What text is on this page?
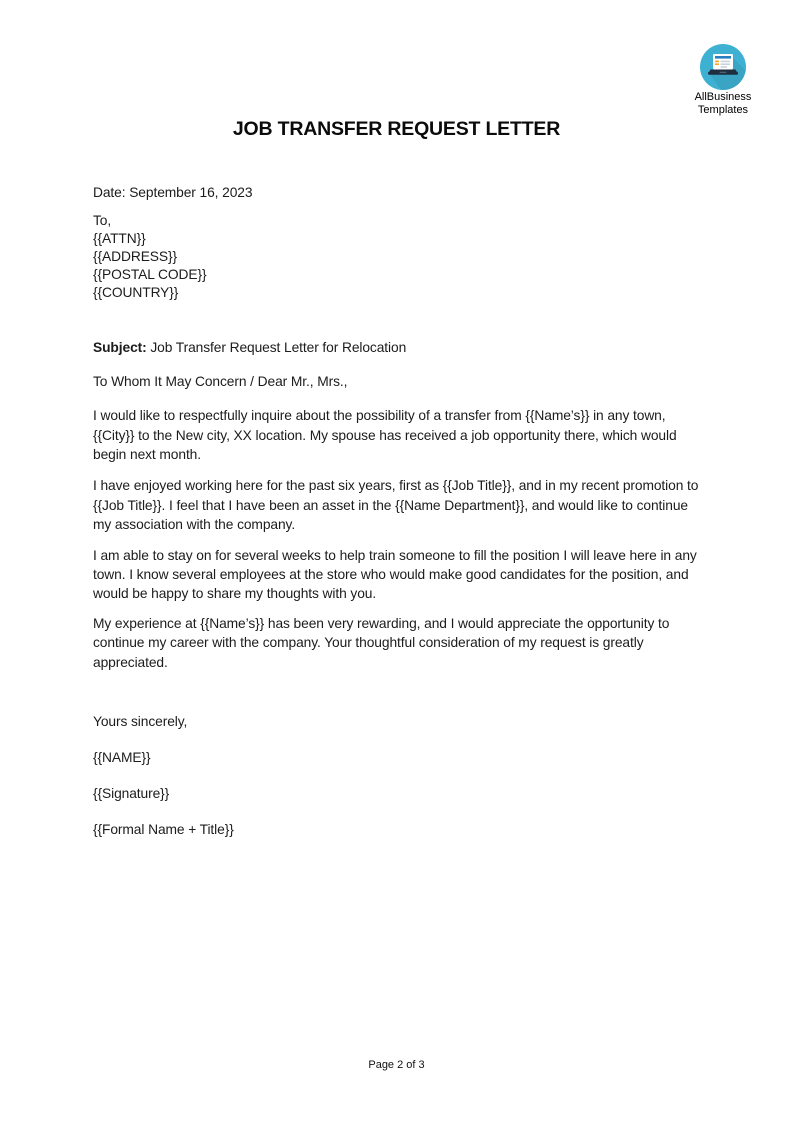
AllBusiness
Templates
JOB TRANSFER REQUEST LETTER
Date: September 16, 2023
To,
{{ATTN}}
{{ADDRESS}}
{{POSTAL CODE}}
{{COUNTRY}}
Subject: Job Transfer Request Letter for Relocation
To Whom It May Concern / Dear Mr., Mrs.,
I would like to respectfully inquire about the possibility of a transfer from {{Name’s}} in any town,
{{City}} to the New city, XX location. My spouse has received a job opportunity there, which would
begin next month.
I have enjoyed working here for the past six years, first as {{Job Title}}, and in my recent promotion to
{{Job Title}}. I feel that I have been an asset in the {{Name Department}}, and would like to continue
my association with the company.
I am able to stay on for several weeks to help train someone to fill the position I will leave here in any
town. I know several employees at the store who would make good candidates for the position, and
would be happy to share my thoughts with you.
My experience at {{Name’s}} has been very rewarding, and I would appreciate the opportunity to
continue my career with the company. Your thoughtful consideration of my request is greatly
appreciated.
Yours sincerely,
{{NAME}}
{{Signature}}
{{Formal Name + Title}}
Page 2 of 3
